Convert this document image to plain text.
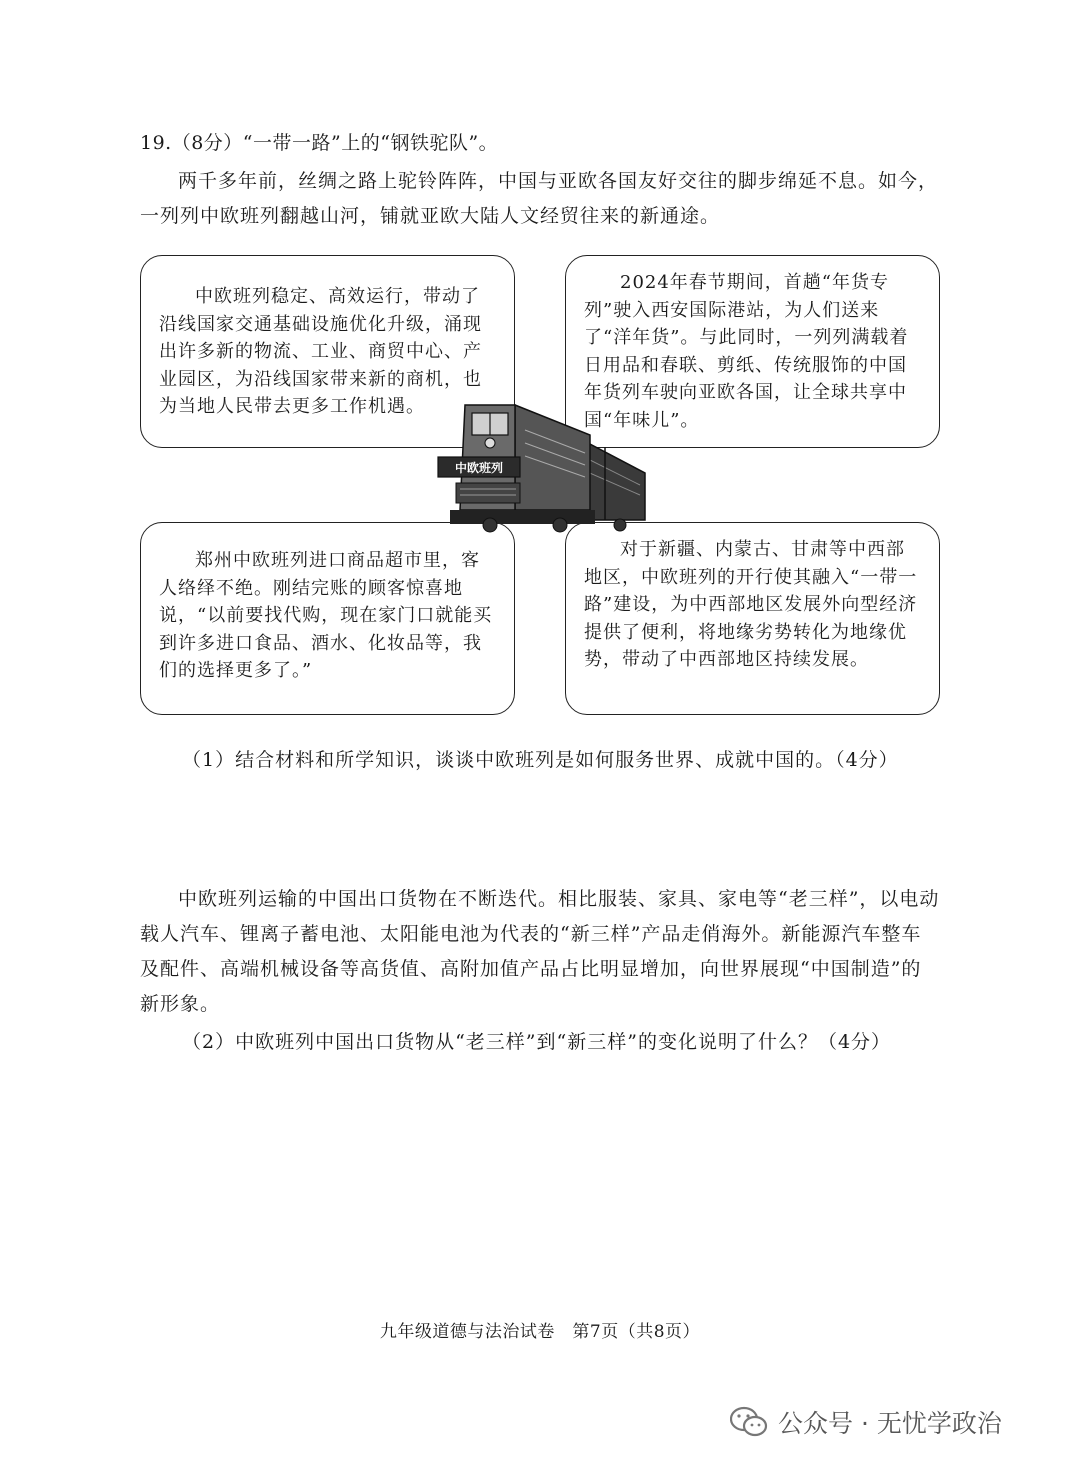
19.（8分）“一带一路”上的“钢铁驼队”。

两千多年前，丝绸之路上驼铃阵阵，中国与亚欧各国友好交往的脚步绵延不息。如今，一列列中欧班列翻越山河，铺就亚欧大陆人文经贸往来的新通途。

中欧班列稳定、高效运行，带动了沿线国家交通基础设施优化升级，涌现出许多新的物流、工业、商贸中心、产业园区，为沿线国家带来新的商机，也为当地人民带去更多工作机遇。

2024年春节期间，首趟“年货专列”驶入西安国际港站，为人们送来了“洋年货”。与此同时，一列列满载着日用品和春联、剪纸、传统服饰的中国年货列车驶向亚欧各国，让全球共享中国“年味儿”。

郑州中欧班列进口商品超市里，客人络绎不绝。刚结完账的顾客惊喜地说，“以前要找代购，现在家门口就能买到许多进口食品、酒水、化妆品等，我们的选择更多了。”

对于新疆、内蒙古、甘肃等中西部地区，中欧班列的开行使其融入“一带一路”建设，为中西部地区发展外向型经济提供了便利，将地缘劣势转化为地缘优势，带动了中西部地区持续发展。

中欧班列
（1）结合材料和所学知识，谈谈中欧班列是如何服务世界、成就中国的。（4分）

中欧班列运输的中国出口货物在不断迭代。相比服装、家具、家电等“老三样”，以电动载人汽车、锂离子蓄电池、太阳能电池为代表的“新三样”产品走俏海外。新能源汽车整车及配件、高端机械设备等高货值、高附加值产品占比明显增加，向世界展现“中国制造”的新形象。

（2）中欧班列中国出口货物从“老三样”到“新三样”的变化说明了什么？（4分）
九年级道德与法治试卷　第7页（共8页）
公众号 · 无忧学政治
